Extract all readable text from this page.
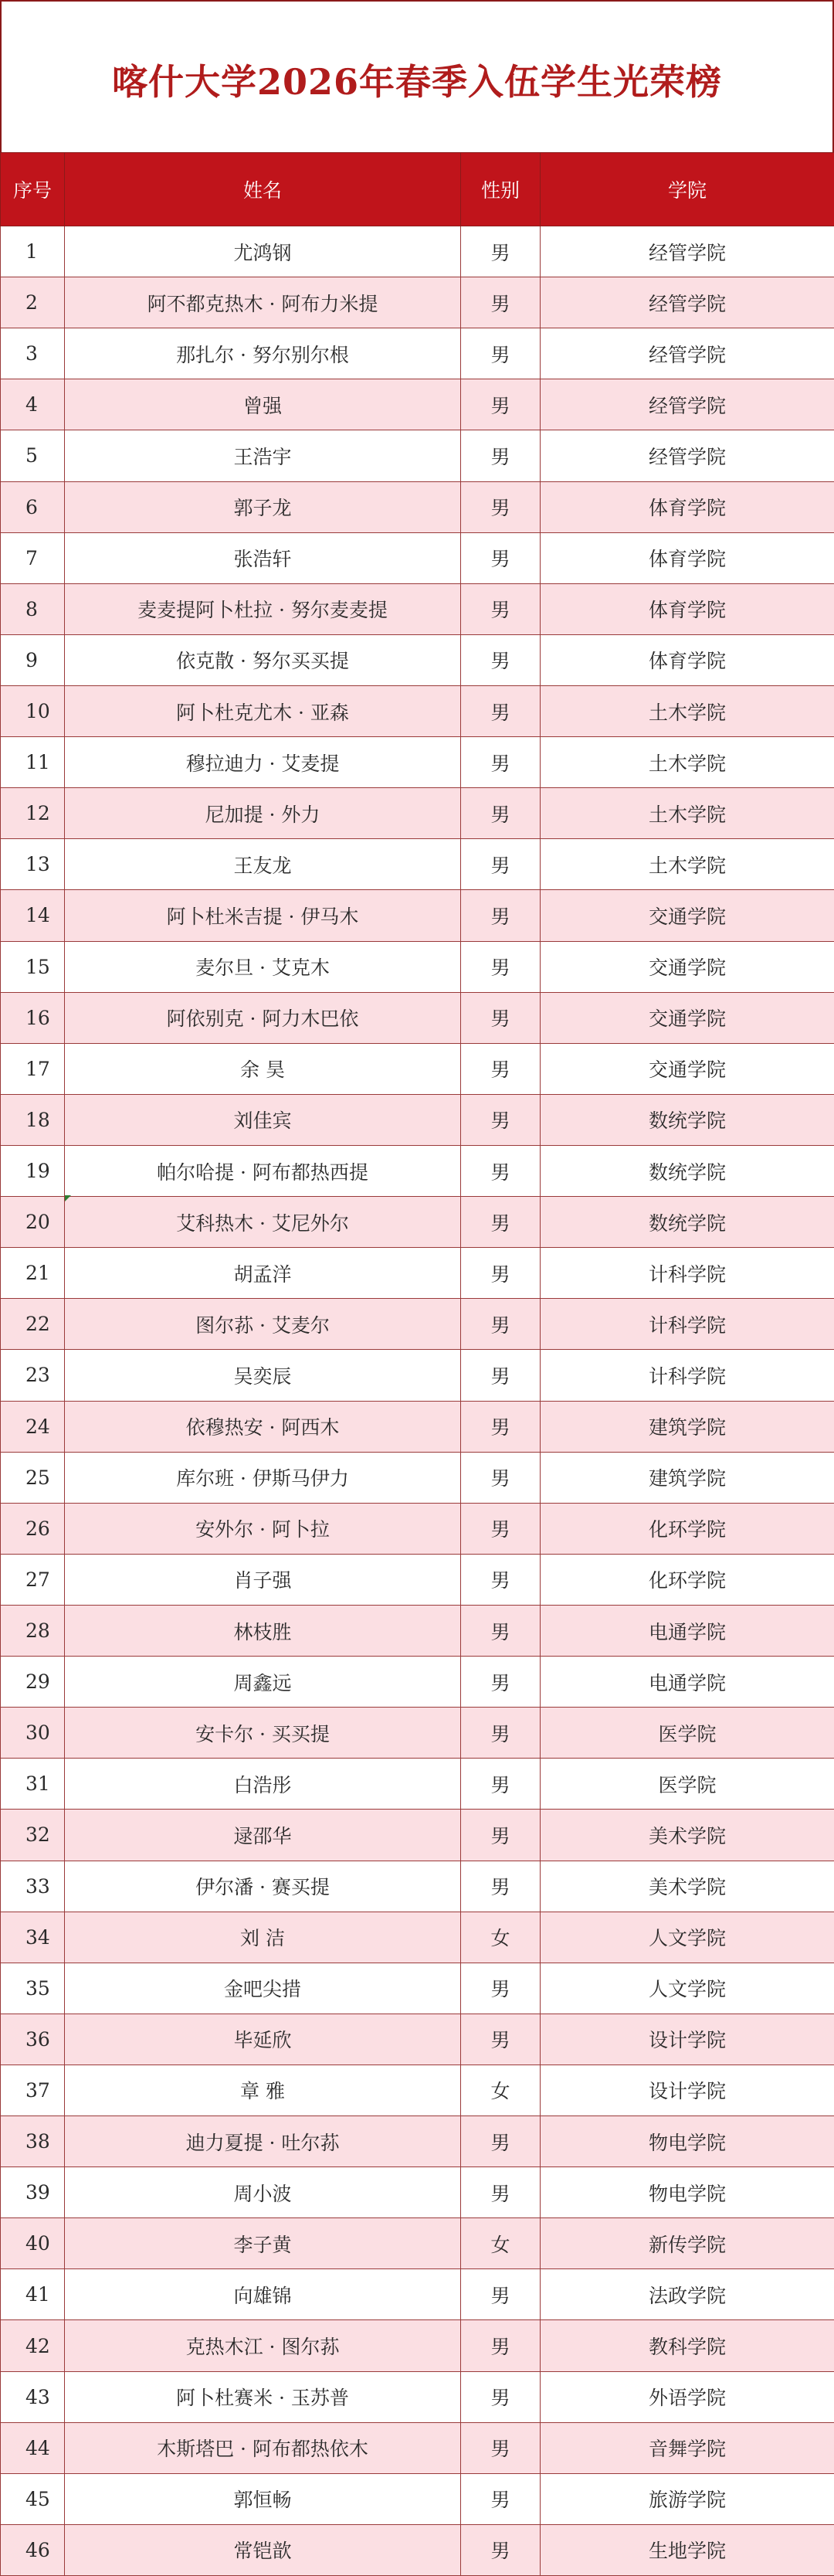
喀什大学2026年春季入伍学生光荣榜
序号	姓名	性别	学院
1	尤鸿钢	男	经管学院
2	阿不都克热木 · 阿布力米提	男	经管学院
3	那扎尔 · 努尔别尔根	男	经管学院
4	曾强	男	经管学院
5	王浩宇	男	经管学院
6	郭子龙	男	体育学院
7	张浩轩	男	体育学院
8	麦麦提阿卜杜拉 · 努尔麦麦提	男	体育学院
9	依克散 · 努尔买买提	男	体育学院
10	阿卜杜克尤木 · 亚森	男	土木学院
11	穆拉迪力 · 艾麦提	男	土木学院
12	尼加提 · 外力	男	土木学院
13	王友龙	男	土木学院
14	阿卜杜米吉提 · 伊马木	男	交通学院
15	麦尔旦 · 艾克木	男	交通学院
16	阿依别克 · 阿力木巴依	男	交通学院
17	余 昊	男	交通学院
18	刘佳宾	男	数统学院
19	帕尔哈提 · 阿布都热西提	男	数统学院
20	艾科热木 · 艾尼外尔	男	数统学院
21	胡孟洋	男	计科学院
22	图尔荪 · 艾麦尔	男	计科学院
23	吴奕辰	男	计科学院
24	依穆热安 · 阿西木	男	建筑学院
25	库尔班 · 伊斯马伊力	男	建筑学院
26	安外尔 · 阿卜拉	男	化环学院
27	肖子强	男	化环学院
28	林枝胜	男	电通学院
29	周鑫远	男	电通学院
30	安卡尔 · 买买提	男	医学院
31	白浩彤	男	医学院
32	逯邵华	男	美术学院
33	伊尔潘 · 赛买提	男	美术学院
34	刘 洁	女	人文学院
35	金吧尖措	男	人文学院
36	毕延欣	男	设计学院
37	章 雅	女	设计学院
38	迪力夏提 · 吐尔荪	男	物电学院
39	周小波	男	物电学院
40	李子黄	女	新传学院
41	向雄锦	男	法政学院
42	克热木江 · 图尔荪	男	教科学院
43	阿卜杜赛米 · 玉苏普	男	外语学院
44	木斯塔巴 · 阿布都热依木	男	音舞学院
45	郭恒畅	男	旅游学院
46	常铠歆	男	生地学院
